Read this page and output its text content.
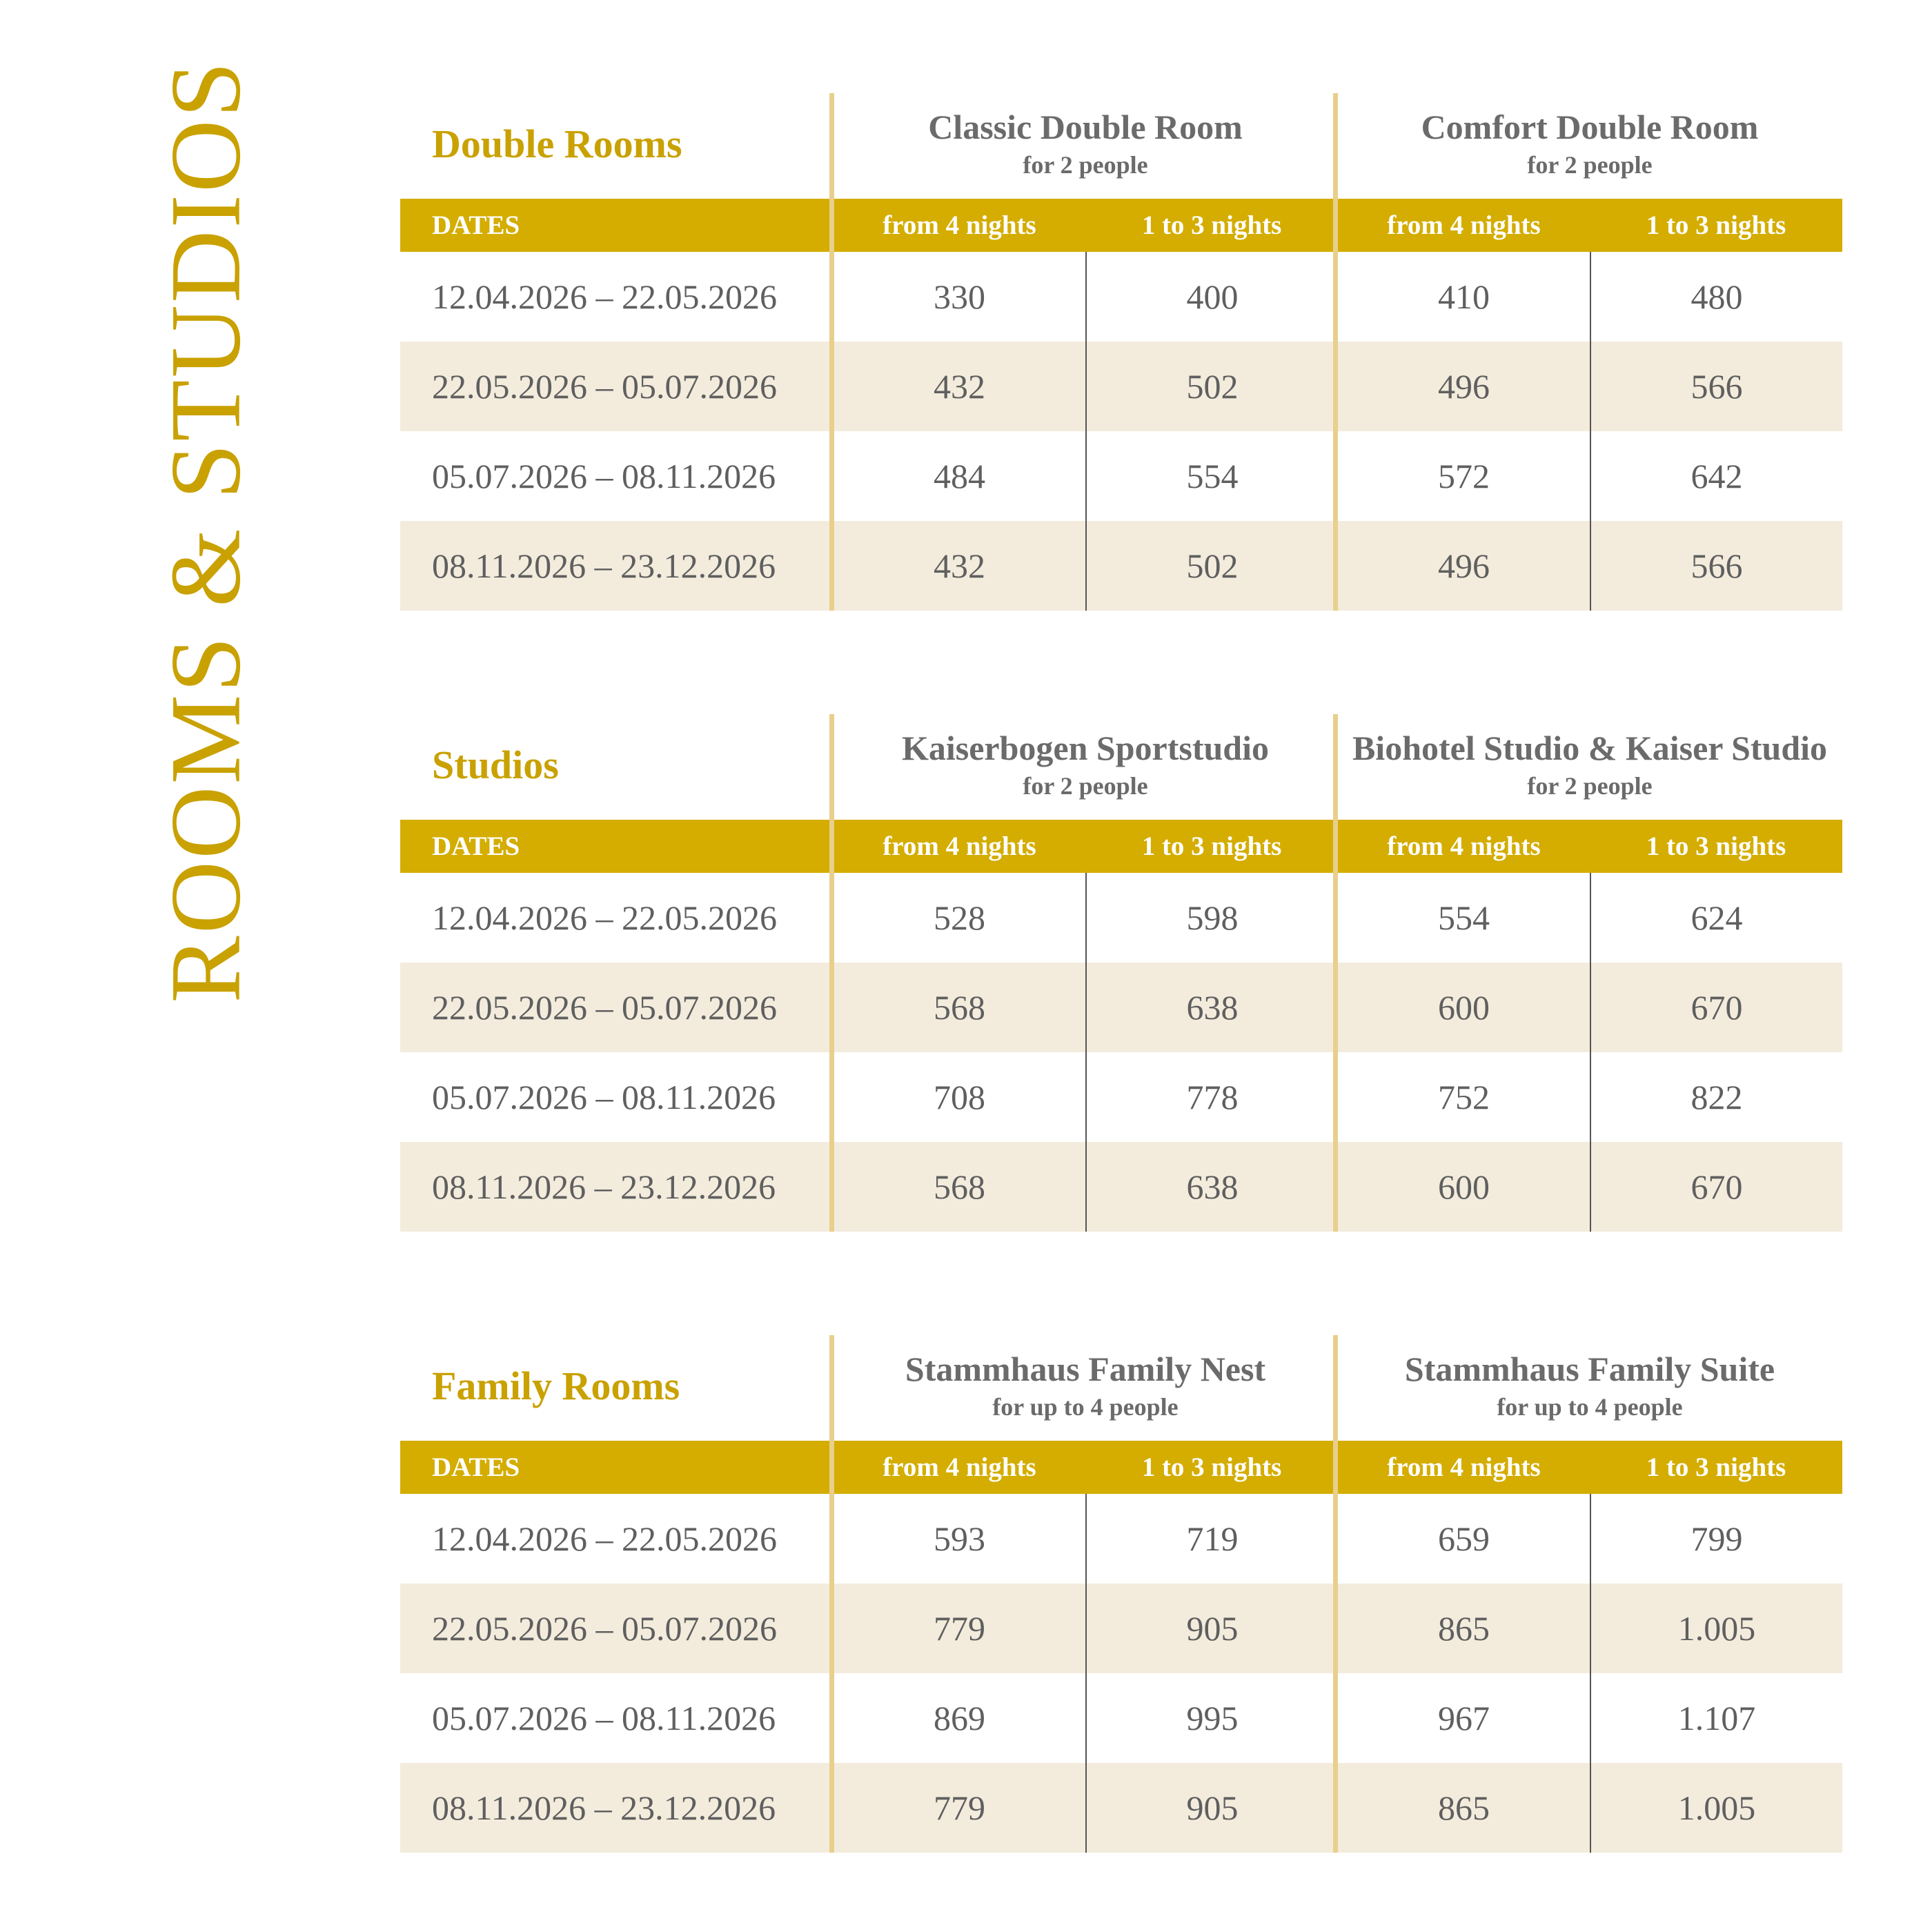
ROOMS & STUDIOS	Double Rooms	Classic Double Room
for 2 people
Comfort Double Room
for 2 people
DATES	from 4 nights	1 to 3 nights	from 4 nights	1 to 3 nights
12.04.2026 – 22.05.2026	330	400	410	480
22.05.2026 – 05.07.2026	432	502	496	566
05.07.2026 – 08.11.2026	484	554	572	642
08.11.2026 – 23.12.2026	432	502	496	566
Studios	Kaiserbogen Sportstudio
for 2 people
Biohotel Studio & Kaiser Studio
for 2 people
DATES	from 4 nights	1 to 3 nights	from 4 nights	1 to 3 nights
12.04.2026 – 22.05.2026	528	598	554	624
22.05.2026 – 05.07.2026	568	638	600	670
05.07.2026 – 08.11.2026	708	778	752	822
08.11.2026 – 23.12.2026	568	638	600	670
Family Rooms	Stammhaus Family Nest
for up to 4 people
Stammhaus Family Suite
for up to 4 people
DATES	from 4 nights	1 to 3 nights	from 4 nights	1 to 3 nights
12.04.2026 – 22.05.2026	593	719	659	799
22.05.2026 – 05.07.2026	779	905	865	1.005
05.07.2026 – 08.11.2026	869	995	967	1.107
08.11.2026 – 23.12.2026	779	905	865	1.005
